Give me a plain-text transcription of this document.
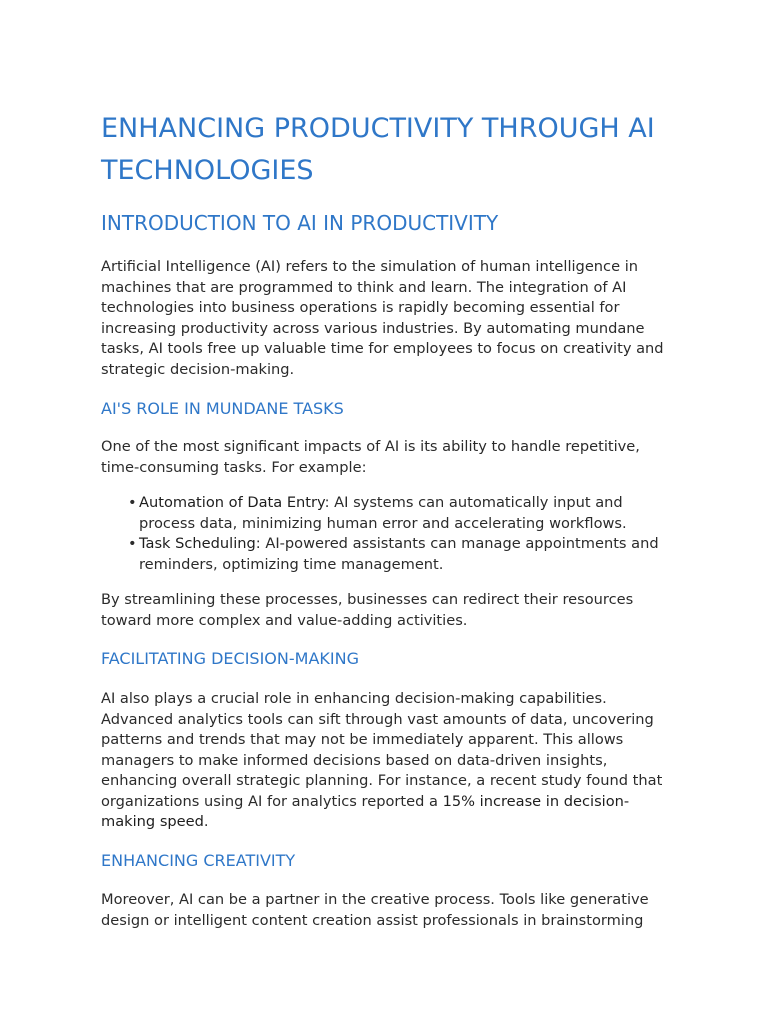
ENHANCING PRODUCTIVITY THROUGH AI TECHNOLOGIES
INTRODUCTION TO AI IN PRODUCTIVITY

Artificial Intelligence (AI) refers to the simulation of human intelligence in machines that are programmed to think and learn. The integration of AI technologies into business operations is rapidly becoming essential for increasing productivity across various industries. By automating mundane tasks, AI tools free up valuable time for employees to focus on creativity and strategic decision-making.

AI'S ROLE IN MUNDANE TASKS

One of the most significant impacts of AI is its ability to handle repetitive, time-consuming tasks. For example:

• Automation of Data Entry: AI systems can automatically input and process data, minimizing human error and accelerating workflows.
• Task Scheduling: AI-powered assistants can manage appointments and reminders, optimizing time management.

By streamlining these processes, businesses can redirect their resources toward more complex and value-adding activities.

FACILITATING DECISION-MAKING

AI also plays a crucial role in enhancing decision-making capabilities. Advanced analytics tools can sift through vast amounts of data, uncovering patterns and trends that may not be immediately apparent. This allows managers to make informed decisions based on data-driven insights, enhancing overall strategic planning. For instance, a recent study found that organizations using AI for analytics reported a 15% increase in decision-making speed.

ENHANCING CREATIVITY

Moreover, AI can be a partner in the creative process. Tools like generative design or intelligent content creation assist professionals in brainstorming
